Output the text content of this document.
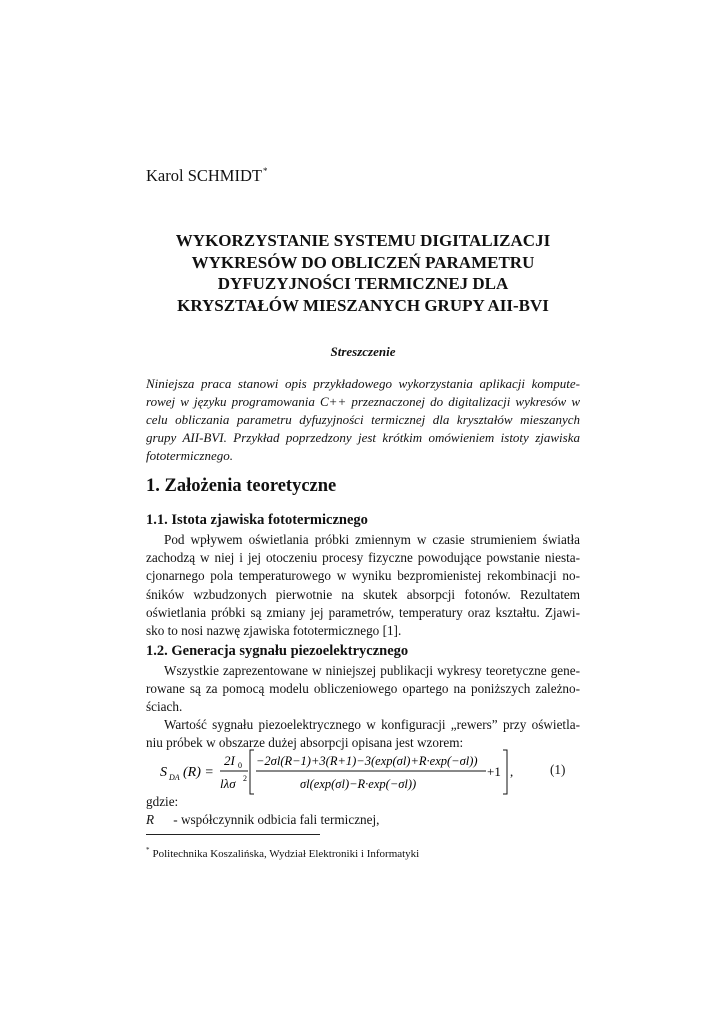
Karol SCHMIDT*
WYKORZYSTANIE SYSTEMU DIGITALIZACJI
WYKRESÓW DO OBLICZEŃ PARAMETRU
DYFUZYJNOŚCI TERMICZNEJ DLA
KRYSZTAŁÓW MIESZANYCH GRUPY AII-BVI
Streszczenie

Niniejsza praca stanowi opis przykładowego wykorzystania aplikacji kompute-rowej w języku programowania C++ przeznaczonej do digitalizacji wykresów w celu obliczania parametru dyfuzyjności termicznej dla kryształów mieszanych grupy AII-BVI. Przykład poprzedzony jest krótkim omówieniem istoty zjawiska fototermicznego.

1. Założenia teoretyczne
1.1. Istota zjawiska fototermicznego

Pod wpływem oświetlania próbki zmiennym w czasie strumieniem światła zachodzą w niej i jej otoczeniu procesy fizyczne powodujące powstanie niesta-cjonarnego pola temperaturowego w wyniku bezpromienistej rekombinacji no-śników wzbudzonych pierwotnie na skutek absorpcji fotonów. Rezultatem oświetlania próbki są zmiany jej parametrów, temperatury oraz kształtu. Zjawi-sko to nosi nazwę zjawiska fototermicznego [1].

1.2. Generacja sygnału piezoelektrycznego

Wszystkie zaprezentowane w niniejszej publikacji wykresy teoretyczne gene-rowane są za pomocą modelu obliczeniowego opartego na poniższych zależno-ściach.

Wartość sygnału piezoelektrycznego w konfiguracji „rewers” przy oświetla-niu próbek w obszarze dużej absorpcji opisana jest wzorem:

S DA (R) =
2I 0
lλσ 2
−2σl(R−1)+3(R+1)−3(exp(σl)+R·exp(−σl))
σl(exp(σl)−R·exp(−σl))
+1 ,	(1)
gdzie:
R - współczynnik odbicia fali termicznej,
* Politechnika Koszalińska, Wydział Elektroniki i Informatyki
